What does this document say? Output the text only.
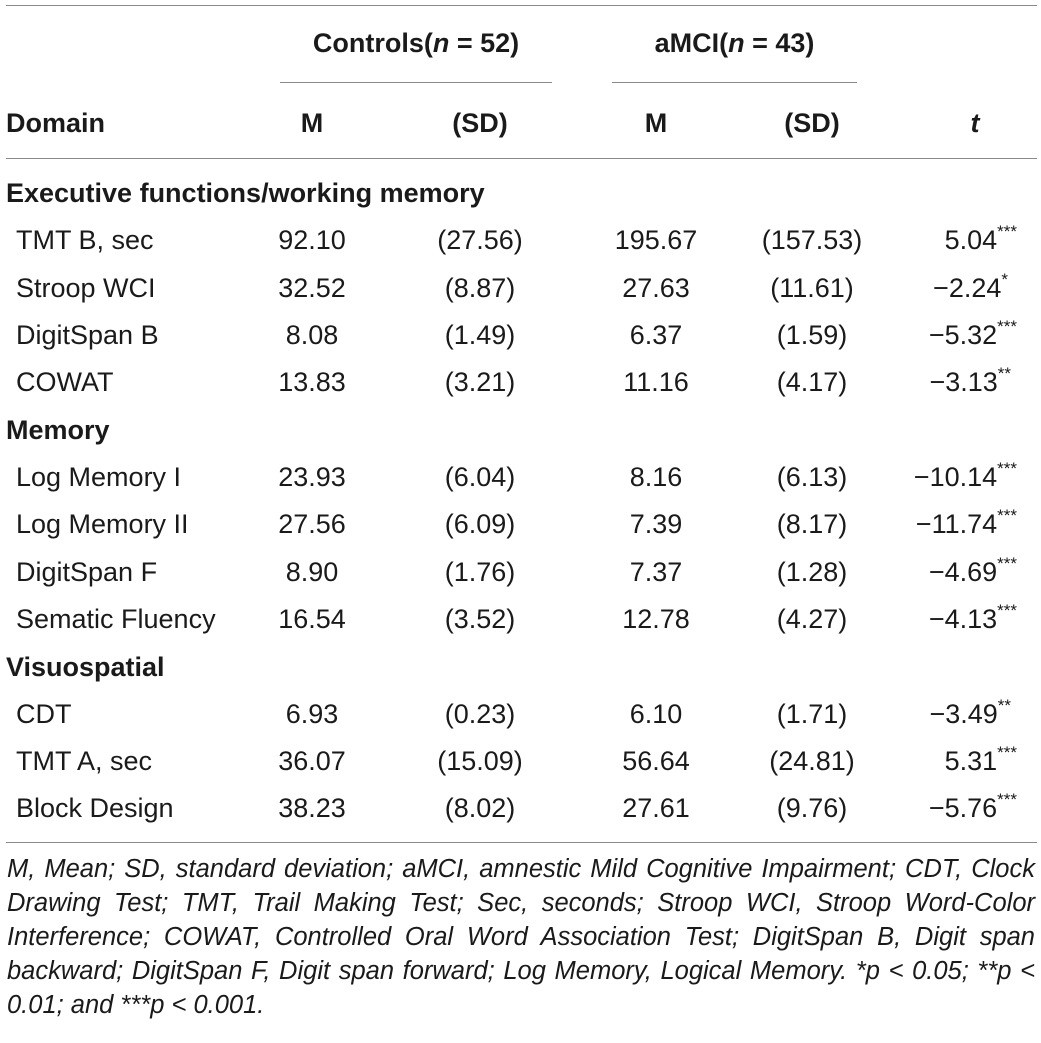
Controls(n = 52)	aMCI(n = 43)
Domain	M	(SD)	M	(SD)	t
Executive functions/working memory
TMT B, sec	92.10	(27.56)	195.67	(157.53)	5.04***
Stroop WCI	32.52	(8.87)	27.63	(11.61)	−2.24*
DigitSpan B	8.08	(1.49)	6.37	(1.59)	−5.32***
COWAT	13.83	(3.21)	11.16	(4.17)	−3.13**
Memory
Log Memory I	23.93	(6.04)	8.16	(6.13)	−10.14***
Log Memory II	27.56	(6.09)	7.39	(8.17)	−11.74***
DigitSpan F	8.90	(1.76)	7.37	(1.28)	−4.69***
Sematic Fluency	16.54	(3.52)	12.78	(4.27)	−4.13***
Visuospatial
CDT	6.93	(0.23)	6.10	(1.71)	−3.49**
TMT A, sec	36.07	(15.09)	56.64	(24.81)	5.31***
Block Design	38.23	(8.02)	27.61	(9.76)	−5.76***
M, Mean; SD, standard deviation; aMCI, amnestic Mild Cognitive Impairment; CDT, Clock Drawing Test; TMT, Trail Making Test; Sec, seconds; Stroop WCI, Stroop Word-Color Interference; COWAT, Controlled Oral Word Association Test; DigitSpan B, Digit span backward; DigitSpan F, Digit span forward; Log Memory, Logical Memory. *p < 0.05; **p < 0.01; and ***p < 0.001.
